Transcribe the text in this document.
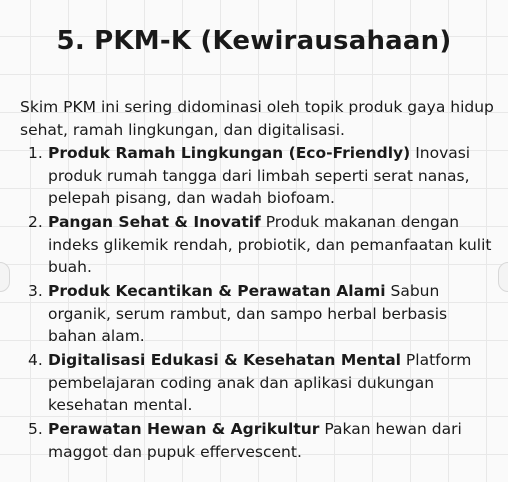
5. PKM-K (Kewirausahaan)

Skim PKM ini sering didominasi oleh topik produk gaya hidup sehat, ramah lingkungan, dan digitalisasi.

1. Produk Ramah Lingkungan (Eco-Friendly) Inovasi produk rumah tangga dari limbah seperti serat nanas, pelepah pisang, dan wadah biofoam.
2. Pangan Sehat & Inovatif Produk makanan dengan indeks glikemik rendah, probiotik, dan pemanfaatan kulit buah.
3. Produk Kecantikan & Perawatan Alami Sabun organik, serum rambut, dan sampo herbal berbasis bahan alam.
4. Digitalisasi Edukasi & Kesehatan Mental Platform pembelajaran coding anak dan aplikasi dukungan kesehatan mental.
5. Perawatan Hewan & Agrikultur Pakan hewan dari maggot dan pupuk effervescent.
